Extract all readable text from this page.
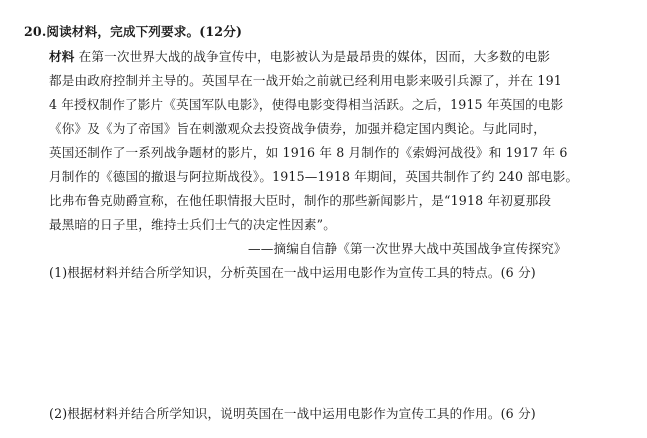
20.阅读材料，完成下列要求。(12分)
材料 在第一次世界大战的战争宣传中，电影被认为是最昂贵的媒体，因而，大多数的电影
都是由政府控制并主导的。英国早在一战开始之前就已经利用电影来吸引兵源了，并在 191
4 年授权制作了影片《英国军队电影》，使得电影变得相当活跃。之后，1915 年英国的电影
《你》及《为了帝国》旨在刺激观众去投资战争债券，加强并稳定国内舆论。与此同时，
英国还制作了一系列战争题材的影片，如 1916 年 8 月制作的《索姆河战役》和 1917 年 6
月制作的《德国的撤退与阿拉斯战役》。1915—1918 年期间，英国共制作了约 240 部电影。
比弗布鲁克勋爵宣称，在他任职情报大臣时，制作的那些新闻影片，是“1918 年初夏那段
最黑暗的日子里，维持士兵们士气的决定性因素”。
——摘编自信静《第一次世界大战中英国战争宣传探究》
(1)根据材料并结合所学知识，分析英国在一战中运用电影作为宣传工具的特点。(6 分)
(2)根据材料并结合所学知识，说明英国在一战中运用电影作为宣传工具的作用。(6 分)
